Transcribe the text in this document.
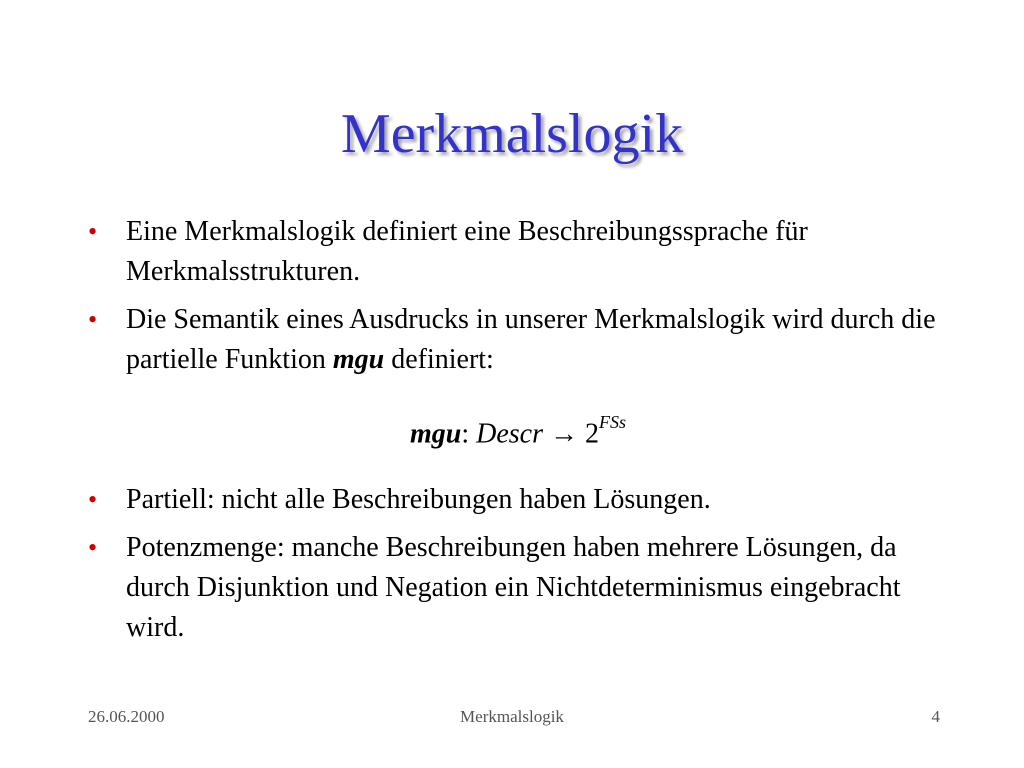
Merkmalslogik
• Eine Merkmalslogik definiert eine Beschreibungssprache für Merkmalsstrukturen.
• Die Semantik eines Ausdrucks in unserer Merkmalslogik wird durch die partielle Funktion mgu definiert:
mgu: Descr → $2^{FSs}$
• Partiell: nicht alle Beschreibungen haben Lösungen.
• Potenzmenge: manche Beschreibungen haben mehrere Lösungen, da durch Disjunktion und Negation ein Nichtdeterminismus eingebracht wird.
26.06.2000	Merkmalslogik	4
